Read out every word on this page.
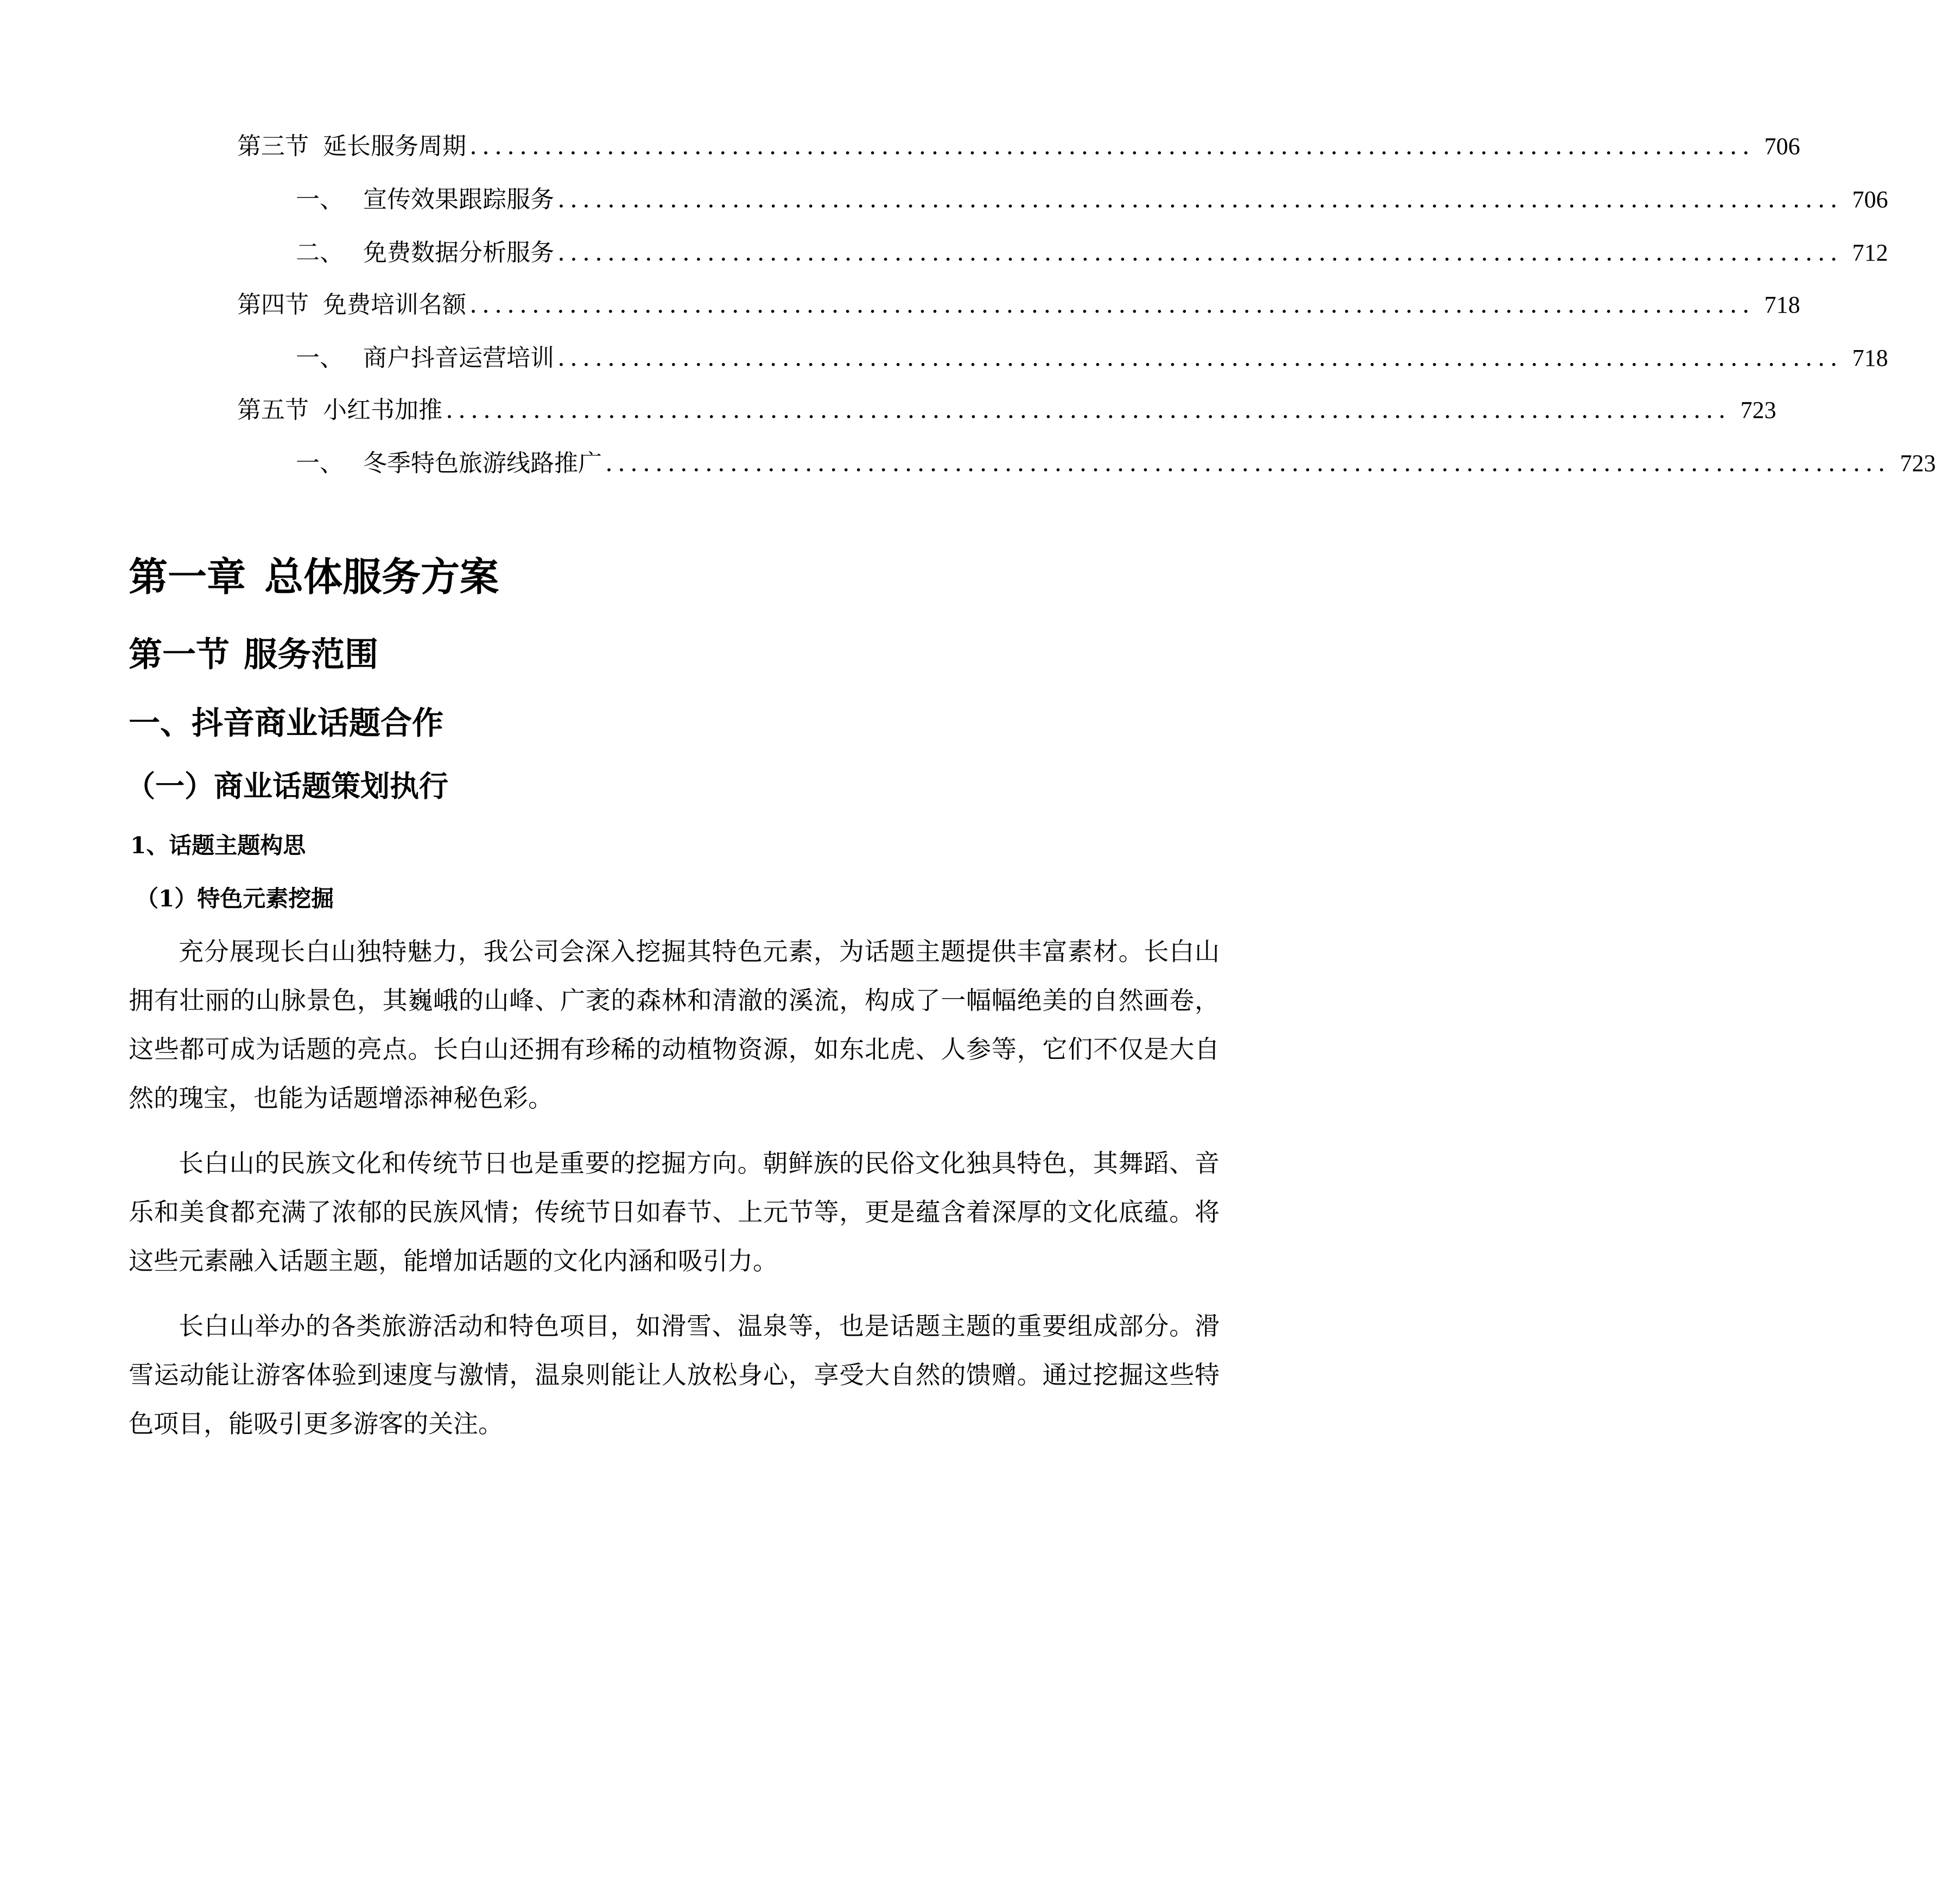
第三节 延长服务周期 ....................................................................................................... 706
一、 宣传效果跟踪服务 ....................................................................................................... 706
二、 免费数据分析服务 ....................................................................................................... 712
第四节 免费培训名额 ....................................................................................................... 718
一、 商户抖音运营培训 ....................................................................................................... 718
第五节 小红书加推 ....................................................................................................... 723
一、 冬季特色旅游线路推广 ....................................................................................................... 723
第一章 总体服务方案
第一节 服务范围
一、抖音商业话题合作
（一）商业话题策划执行
1、话题主题构思
（1）特色元素挖掘

充分展现长白山独特魅力，我公司会深入挖掘其特色元素，为话题主题提供丰富素材。长白山拥有壮丽的山脉景色，其巍峨的山峰、广袤的森林和清澈的溪流，构成了一幅幅绝美的自然画卷，这些都可成为话题的亮点。长白山还拥有珍稀的动植物资源，如东北虎、人参等，它们不仅是大自然的瑰宝，也能为话题增添神秘色彩。

长白山的民族文化和传统节日也是重要的挖掘方向。朝鲜族的民俗文化独具特色，其舞蹈、音乐和美食都充满了浓郁的民族风情；传统节日如春节、上元节等，更是蕴含着深厚的文化底蕴。将这些元素融入话题主题，能增加话题的文化内涵和吸引力。

长白山举办的各类旅游活动和特色项目，如滑雪、温泉等，也是话题主题的重要组成部分。滑雪运动能让游客体验到速度与激情，温泉则能让人放松身心，享受大自然的馈赠。通过挖掘这些特色项目，能吸引更多游客的关注。
